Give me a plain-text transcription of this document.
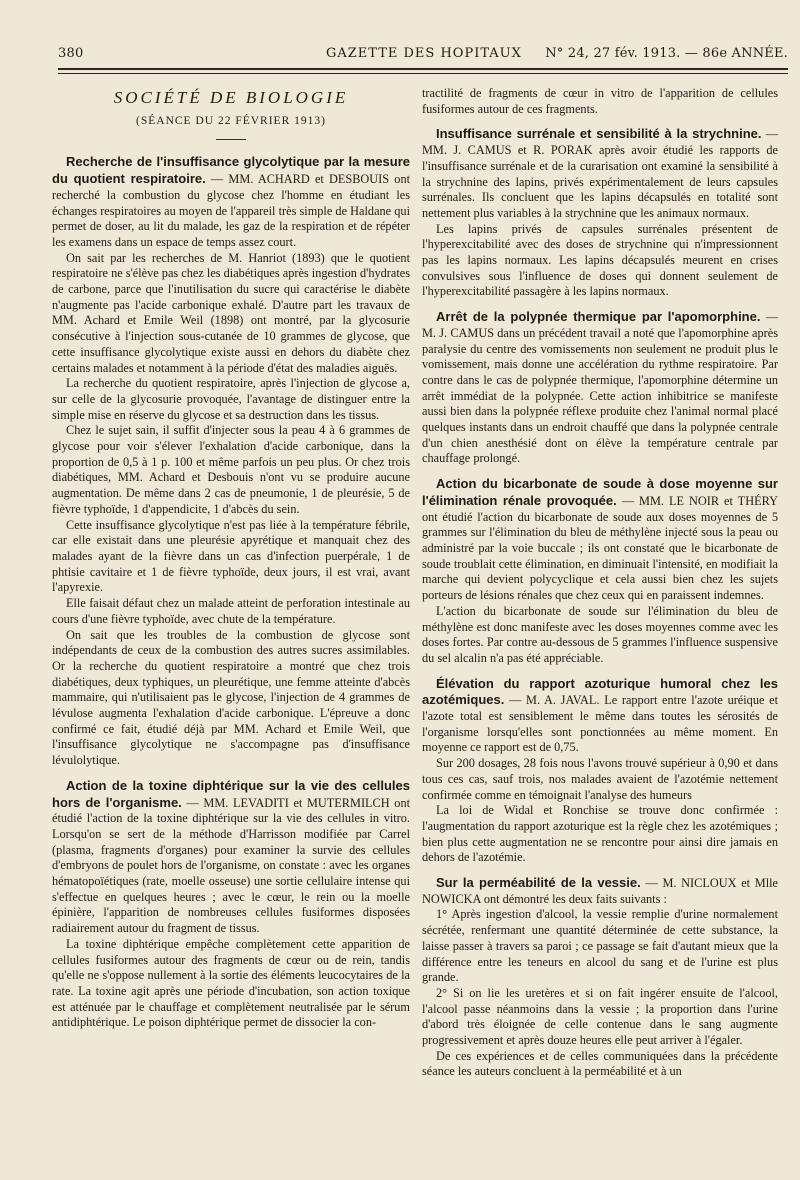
380	GAZETTE DES HOPITAUX N° 24, 27 fév. 1913. — 86e ANNÉE.
SOCIÉTÉ DE BIOLOGIE
(SÉANCE DU 22 FÉVRIER 1913)

Recherche de l'insuffisance glycolytique par la mesure du quotient respiratoire. — MM. ACHARD et DESBOUIS ont recherché la combustion du glycose chez l'homme en étudiant les échanges respiratoires au moyen de l'appareil très simple de Haldane qui permet de doser, au lit du malade, les gaz de la respiration et de répéter les examens dans un espace de temps assez court.

On sait par les recherches de M. Hanriot (1893) que le quotient respiratoire ne s'élève pas chez les diabétiques après ingestion d'hydrates de carbone, parce que l'inutilisation du sucre qui caractérise le diabète n'augmente pas l'acide carbonique exhalé. D'autre part les travaux de MM. Achard et Emile Weil (1898) ont montré, par la glycosurie consécutive à l'injection sous-cutanée de 10 grammes de glycose, que cette insuffisance glycolytique existe aussi en dehors du diabète chez certains malades et notamment à la période d'état des maladies aiguës.

La recherche du quotient respiratoire, après l'injection de glycose a, sur celle de la glycosurie provoquée, l'avantage de distinguer entre la simple mise en réserve du glycose et sa destruction dans les tissus.

Chez le sujet sain, il suffit d'injecter sous la peau 4 à 6 grammes de glycose pour voir s'élever l'exhalation d'acide carbonique, dans la proportion de 0,5 à 1 p. 100 et même parfois un peu plus. Or chez trois diabétiques, MM. Achard et Desbouis n'ont vu se produire aucune augmentation. De même dans 2 cas de pneumonie, 1 de pleurésie, 5 de fièvre typhoïde, 1 d'appendicite, 1 d'abcès du sein.

Cette insuffisance glycolytique n'est pas liée à la température fébrile, car elle existait dans une pleurésie apyrétique et manquait chez des malades ayant de la fièvre dans un cas d'infection puerpérale, 1 de phtisie cavitaire et 1 de fièvre typhoïde, deux jours, il est vrai, avant l'apyrexie.

Elle faisait défaut chez un malade atteint de perforation intestinale au cours d'une fièvre typhoïde, avec chute de la température.

On sait que les troubles de la combustion de glycose sont indépendants de ceux de la combustion des autres sucres assimilables. Or la recherche du quotient respiratoire a montré que chez trois diabétiques, deux typhiques, un pleurétique, une femme atteinte d'abcès mammaire, qui n'utilisaient pas le glycose, l'injection de 4 grammes de lévulose augmenta l'exhalation d'acide carbonique. L'épreuve a donc confirmé ce fait, étudié déjà par MM. Achard et Emile Weil, que l'insuffisance glycolytique ne s'accompagne pas d'insuffisance lévulolytique.

Action de la toxine diphtérique sur la vie des cellules hors de l'organisme. — MM. LEVADITI et MUTERMILCH ont étudié l'action de la toxine diphtérique sur la vie des cellules in vitro. Lorsqu'on se sert de la méthode d'Harrisson modifiée par Carrel (plasma, fragments d'organes) pour examiner la survie des cellules d'embryons de poulet hors de l'organisme, on constate : avec les organes hématopoïétiques (rate, moelle osseuse) une sortie cellulaire intense qui s'effectue en quelques heures ; avec le cœur, le rein ou la moelle épinière, l'apparition de nombreuses cellules fusiformes disposées radiairement autour du fragment de tissus.

La toxine diphtérique empêche complètement cette apparition de cellules fusiformes autour des fragments de cœur ou de rein, tandis qu'elle ne s'oppose nullement à la sortie des éléments leucocytaires de la rate. La toxine agit après une période d'incubation, son action toxique est atténuée par le chauffage et complètement neutralisée par le sérum antidiphtérique. Le poison diphtérique permet de dissocier la con-

tractilité de fragments de cœur in vitro de l'apparition de cellules fusiformes autour de ces fragments.

Insuffisance surrénale et sensibilité à la strychnine. — MM. J. CAMUS et R. PORAK après avoir étudié les rapports de l'insuffisance surrénale et de la curarisation ont examiné la sensibilité à la strychnine des lapins, privés expérimentalement de leurs capsules surrénales. Ils concluent que les lapins décapsulés en totalité sont nettement plus variables à la strychnine que les animaux normaux.

Les lapins privés de capsules surrénales présentent de l'hyperexcitabilité avec des doses de strychnine qui n'impressionnent pas les lapins normaux. Les lapins décapsulés meurent en crises convulsives sous l'influence de doses qui donnent seulement de l'hyperexcitabilité passagère à les lapins normaux.

Arrêt de la polypnée thermique par l'apomorphine. — M. J. CAMUS dans un précédent travail a noté que l'apomorphine après paralysie du centre des vomissements non seulement ne produit plus le vomissement, mais donne une accélération du rythme respiratoire. Par contre dans le cas de polypnée thermique, l'apomorphine détermine un arrêt immédiat de la polypnée. Cette action inhibitrice se manifeste aussi bien dans la polypnée réflexe produite chez l'animal normal placé quelques instants dans un endroit chauffé que dans la polypnée centrale d'un chien anesthésié dont on élève la température centrale par chauffage prolongé.

Action du bicarbonate de soude à dose moyenne sur l'élimination rénale provoquée. — MM. LE NOIR et THÉRY ont étudié l'action du bicarbonate de soude aux doses moyennes de 5 grammes sur l'élimination du bleu de méthylène injecté sous la peau ou administré par la voie buccale ; ils ont constaté que le bicarbonate de soude troublait cette élimination, en diminuait l'intensité, en modifiait la marche qui devient polycyclique et cela aussi bien chez les sujets porteurs de lésions rénales que chez ceux qui en paraissent indemnes.

L'action du bicarbonate de soude sur l'élimination du bleu de méthylène est donc manifeste avec les doses moyennes comme avec les doses fortes. Par contre au-dessous de 5 grammes l'influence suspensive du sel alcalin n'a pas été appréciable.

Élévation du rapport azoturique humoral chez les azotémiques. — M. A. JAVAL. Le rapport entre l'azote uréique et l'azote total est sensiblement le même dans toutes les sérosités de l'organisme lorsqu'elles sont ponctionnées au même moment. En moyenne ce rapport est de 0,75.

Sur 200 dosages, 28 fois nous l'avons trouvé supérieur à 0,90 et dans tous ces cas, sauf trois, nos malades avaient de l'azotémie nettement confirmée comme en témoignait l'analyse des humeurs

La loi de Widal et Ronchise se trouve donc confirmée : l'augmentation du rapport azoturique est la règle chez les azotémiques ; bien plus cette augmentation ne se rencontre pour ainsi dire jamais en dehors de l'azotémie.

Sur la perméabilité de la vessie. — M. NICLOUX et Mlle NOWICKA ont démontré les deux faits suivants :

1° Après ingestion d'alcool, la vessie remplie d'urine normalement sécrétée, renfermant une quantité déterminée de cette substance, la laisse passer à travers sa paroi ; ce passage se fait d'autant mieux que la différence entre les teneurs en alcool du sang et de l'urine est plus grande.

2° Si on lie les uretères et si on fait ingérer ensuite de l'alcool, l'alcool passe néanmoins dans la vessie ; la proportion dans l'urine d'abord très éloignée de celle contenue dans le sang augmente progressivement et après douze heures elle peut arriver à l'égaler.

De ces expériences et de celles communiquées dans la précédente séance les auteurs concluent à la perméabilité et à un
